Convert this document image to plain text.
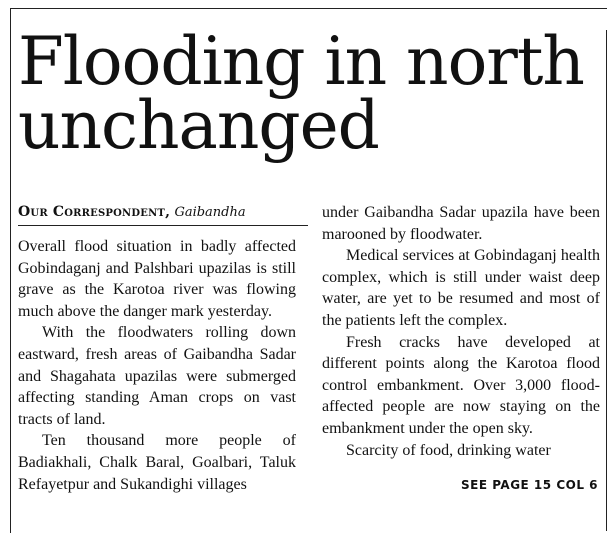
Flooding in north
unchanged
Our Correspondent, Gaibandha

Overall flood situation in badly affected Gobindaganj and Palshbari upazilas is still grave as the Karotoa river was flowing much above the danger mark yesterday.

With the floodwaters rolling down eastward, fresh areas of Gaibandha Sadar and Shagahata upazilas were submerged affecting standing Aman crops on vast tracts of land.

Ten thousand more people of Badiakhali, Chalk Baral, Goalbari, Taluk Refayetpur and Sukandighi villages

under Gaibandha Sadar upazila have been marooned by floodwater.

Medical services at Gobindaganj health complex, which is still under waist deep water, are yet to be resumed and most of the patients left the complex.

Fresh cracks have developed at different points along the Karotoa flood control embankment. Over 3,000 flood-affected people are now staying on the embankment under the open sky.

Scarcity of food, drinking water

SEE PAGE 15 COL 6
